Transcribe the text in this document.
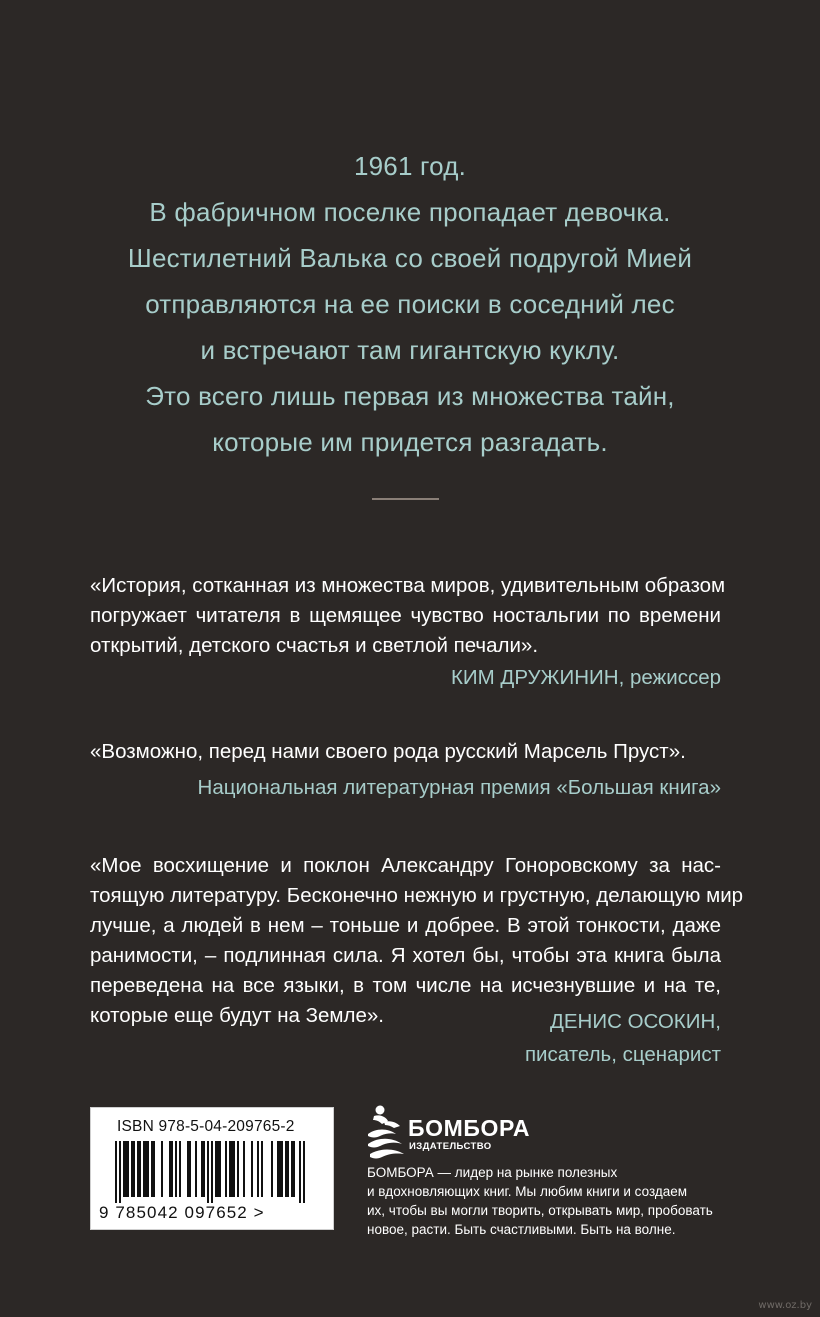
1961 год.
В фабричном поселке пропадает девочка.
Шестилетний Валька со своей подругой Мией
отправляются на ее поиски в соседний лес
и встречают там гигантскую куклу.
Это всего лишь первая из множества тайн,
которые им придется разгадать.
«История, сотканная из множества миров, удивительным образом
погружает читателя в щемящее чувство ностальгии по времени
открытий, детского счастья и светлой печали».
КИМ ДРУЖИНИН, режиссер
«Возможно, перед нами своего рода русский Марсель Пруст».
Национальная литературная премия «Большая книга»
«Мое восхищение и поклон Александру Гоноровскому за нас-
тоящую литературу. Бесконечно нежную и грустную, делающую мир
лучше, а людей в нем – тоньше и добрее. В этой тонкости, даже
ранимости, – подлинная сила. Я хотел бы, чтобы эта книга была
переведена на все языки, в том числе на исчезнувшие и на те,
которые еще будут на Земле».	ДЕНИС ОСОКИН,
писатель, сценарист
ISBN 978-5-04-209765-2
9 785042 097652 >
БОМБОРА
ИЗДАТЕЛЬСТВО
БОМБОРА — лидер на рынке полезных
и вдохновляющих книг. Мы любим книги и создаем
их, чтобы вы могли творить, открывать мир, пробовать
новое, расти. Быть счастливыми. Быть на волне.
www.oz.by
